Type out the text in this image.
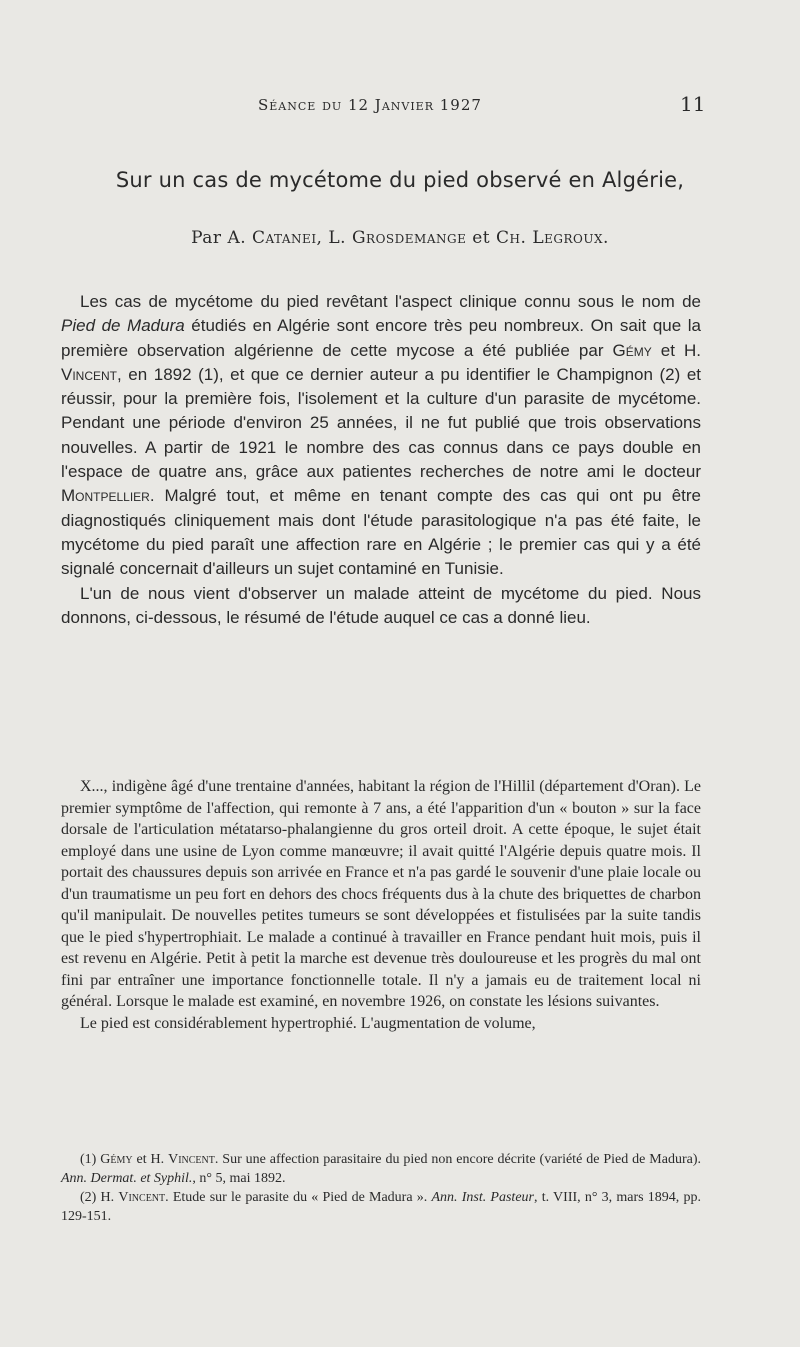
Séance du 12 Janvier 1927	11
Sur un cas de mycétome du pied observé en Algérie,
Par A. Catanei, L. Grosdemange et Ch. Legroux.

Les cas de mycétome du pied revêtant l'aspect clinique connu sous le nom de Pied de Madura étudiés en Algérie sont encore très peu nombreux. On sait que la première observation algérienne de cette mycose a été publiée par Gémy et H. Vincent, en 1892 (1), et que ce dernier auteur a pu identifier le Champignon (2) et réussir, pour la première fois, l'isolement et la culture d'un parasite de mycétome. Pendant une période d'environ 25 années, il ne fut publié que trois observations nouvelles. A partir de 1921 le nombre des cas connus dans ce pays double en l'espace de quatre ans, grâce aux patientes recherches de notre ami le docteur Montpellier. Malgré tout, et même en tenant compte des cas qui ont pu être diagnostiqués cliniquement mais dont l'étude parasitologique n'a pas été faite, le mycétome du pied paraît une affection rare en Algérie ; le premier cas qui y a été signalé concernait d'ailleurs un sujet contaminé en Tunisie.

L'un de nous vient d'observer un malade atteint de mycétome du pied. Nous donnons, ci-dessous, le résumé de l'étude auquel ce cas a donné lieu.

X..., indigène âgé d'une trentaine d'années, habitant la région de l'Hillil (département d'Oran). Le premier symptôme de l'affection, qui remonte à 7 ans, a été l'apparition d'un « bouton » sur la face dorsale de l'articulation métatarso-phalangienne du gros orteil droit. A cette époque, le sujet était employé dans une usine de Lyon comme manœuvre; il avait quitté l'Algérie depuis quatre mois. Il portait des chaussures depuis son arrivée en France et n'a pas gardé le souvenir d'une plaie locale ou d'un traumatisme un peu fort en dehors des chocs fréquents dus à la chute des briquettes de charbon qu'il manipulait. De nouvelles petites tumeurs se sont développées et fistulisées par la suite tandis que le pied s'hypertrophiait. Le malade a continué à travailler en France pendant huit mois, puis il est revenu en Algérie. Petit à petit la marche est devenue très douloureuse et les progrès du mal ont fini par entraîner une importance fonctionnelle totale. Il n'y a jamais eu de traitement local ni général. Lorsque le malade est examiné, en novembre 1926, on constate les lésions suivantes.

Le pied est considérablement hypertrophié. L'augmentation de volume,

(1) Gémy et H. Vincent. Sur une affection parasitaire du pied non encore décrite (variété de Pied de Madura). Ann. Dermat. et Syphil., n° 5, mai 1892.

(2) H. Vincent. Etude sur le parasite du « Pied de Madura ». Ann. Inst. Pasteur, t. VIII, n° 3, mars 1894, pp. 129-151.
